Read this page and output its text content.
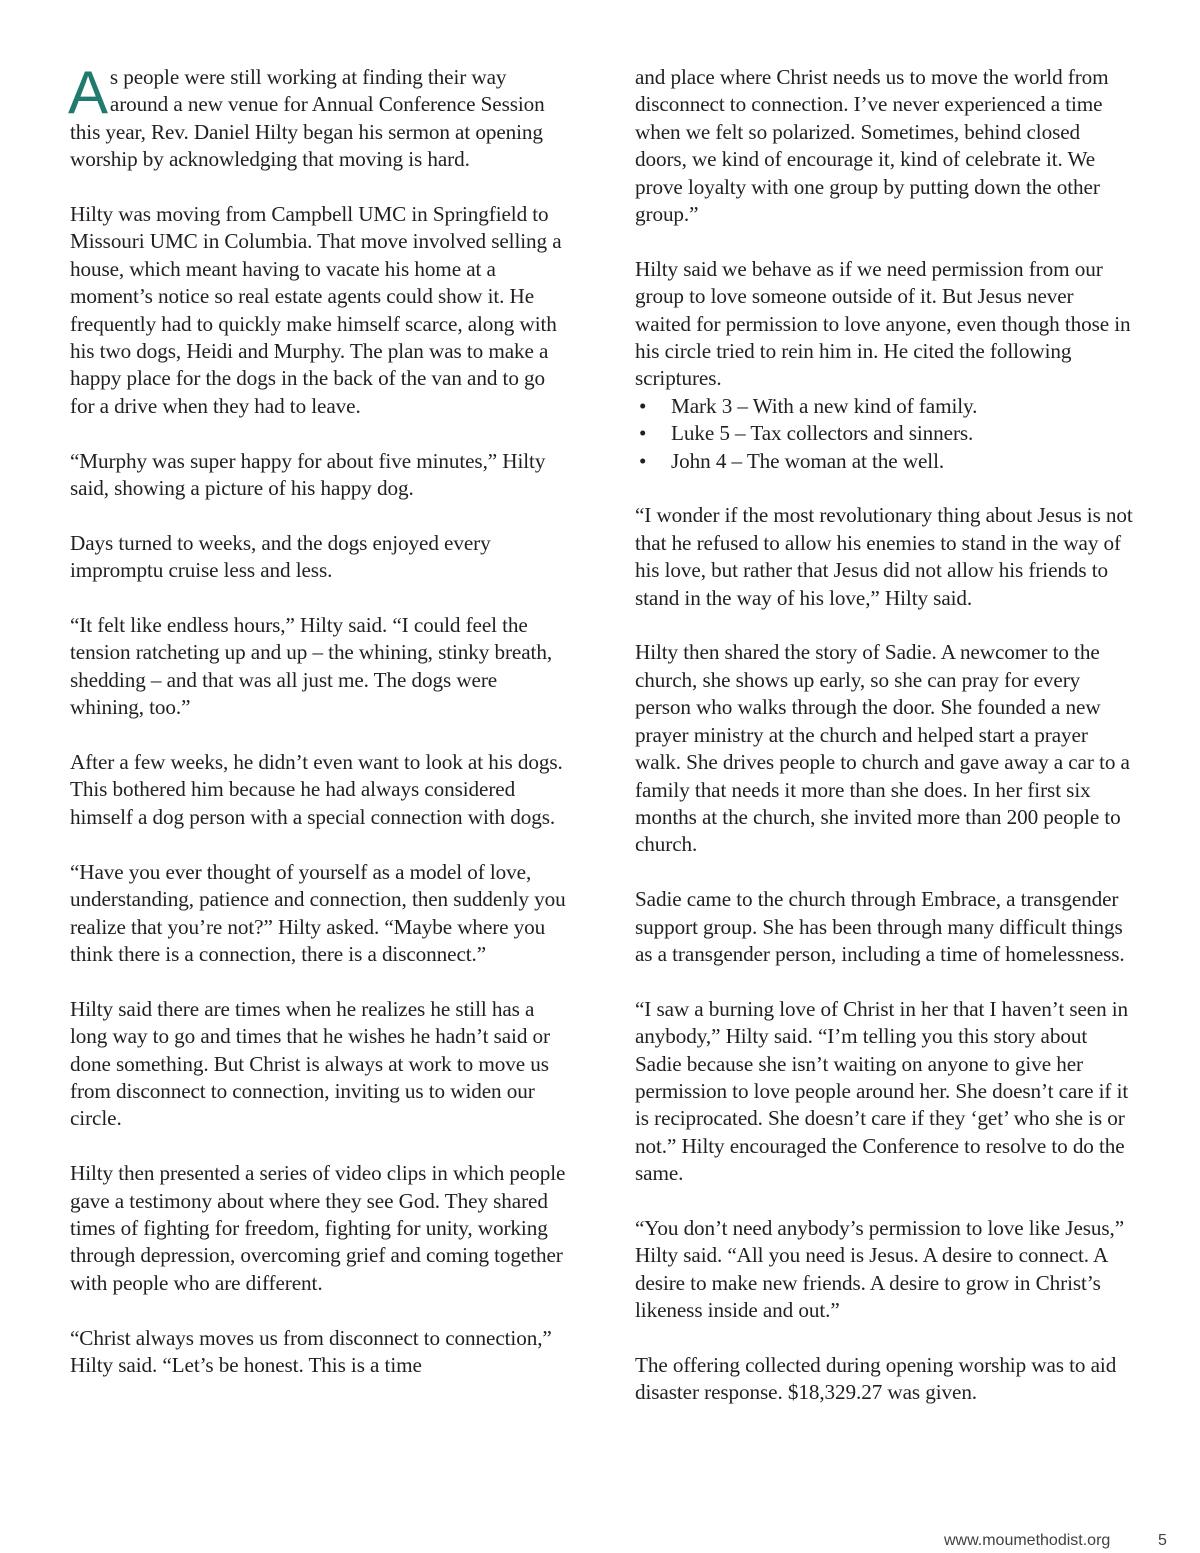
As people were still working at finding their way around a new venue for Annual Conference Session this year, Rev. Daniel Hilty began his sermon at opening worship by acknowledging that moving is hard.

Hilty was moving from Campbell UMC in Springfield to Missouri UMC in Columbia. That move involved selling a house, which meant having to vacate his home at a moment’s notice so real estate agents could show it. He frequently had to quickly make himself scarce, along with his two dogs, Heidi and Murphy. The plan was to make a happy place for the dogs in the back of the van and to go for a drive when they had to leave.

“Murphy was super happy for about five minutes,” Hilty said, showing a picture of his happy dog.

Days turned to weeks, and the dogs enjoyed every impromptu cruise less and less.

“It felt like endless hours,” Hilty said. “I could feel the tension ratcheting up and up – the whining, stinky breath, shedding – and that was all just me. The dogs were whining, too.”

After a few weeks, he didn’t even want to look at his dogs. This bothered him because he had always considered himself a dog person with a special connection with dogs.

“Have you ever thought of yourself as a model of love, understanding, patience and connection, then suddenly you realize that you’re not?” Hilty asked. “Maybe where you think there is a connection, there is a disconnect.”

Hilty said there are times when he realizes he still has a long way to go and times that he wishes he hadn’t said or done something. But Christ is always at work to move us from disconnect to connection, inviting us to widen our circle.

Hilty then presented a series of video clips in which people gave a testimony about where they see God. They shared times of fighting for freedom, fighting for unity, working through depression, overcoming grief and coming together with people who are different.

“Christ always moves us from disconnect to connection,” Hilty said. “Let’s be honest. This is a time

and place where Christ needs us to move the world from disconnect to connection. I’ve never experienced a time when we felt so polarized. Sometimes, behind closed doors, we kind of encourage it, kind of celebrate it. We prove loyalty with one group by putting down the other group.”

Hilty said we behave as if we need permission from our group to love someone outside of it. But Jesus never waited for permission to love anyone, even though those in his circle tried to rein him in. He cited the following scriptures.

• Mark 3 – With a new kind of family.
• Luke 5 – Tax collectors and sinners.
• John 4 – The woman at the well.

“I wonder if the most revolutionary thing about Jesus is not that he refused to allow his enemies to stand in the way of his love, but rather that Jesus did not allow his friends to stand in the way of his love,” Hilty said.

Hilty then shared the story of Sadie. A newcomer to the church, she shows up early, so she can pray for every person who walks through the door. She founded a new prayer ministry at the church and helped start a prayer walk. She drives people to church and gave away a car to a family that needs it more than she does. In her first six months at the church, she invited more than 200 people to church.

Sadie came to the church through Embrace, a transgender support group. She has been through many difficult things as a transgender person, including a time of homelessness.

“I saw a burning love of Christ in her that I haven’t seen in anybody,” Hilty said. “I’m telling you this story about Sadie because she isn’t waiting on anyone to give her permission to love people around her. She doesn’t care if it is reciprocated. She doesn’t care if they ‘get’ who she is or not.” Hilty encouraged the Conference to resolve to do the same.

“You don’t need anybody’s permission to love like Jesus,” Hilty said. “All you need is Jesus. A desire to connect. A desire to make new friends. A desire to grow in Christ’s likeness inside and out.”

The offering collected during opening worship was to aid disaster response. $18,329.27 was given.

www.moumethodist.org	5
